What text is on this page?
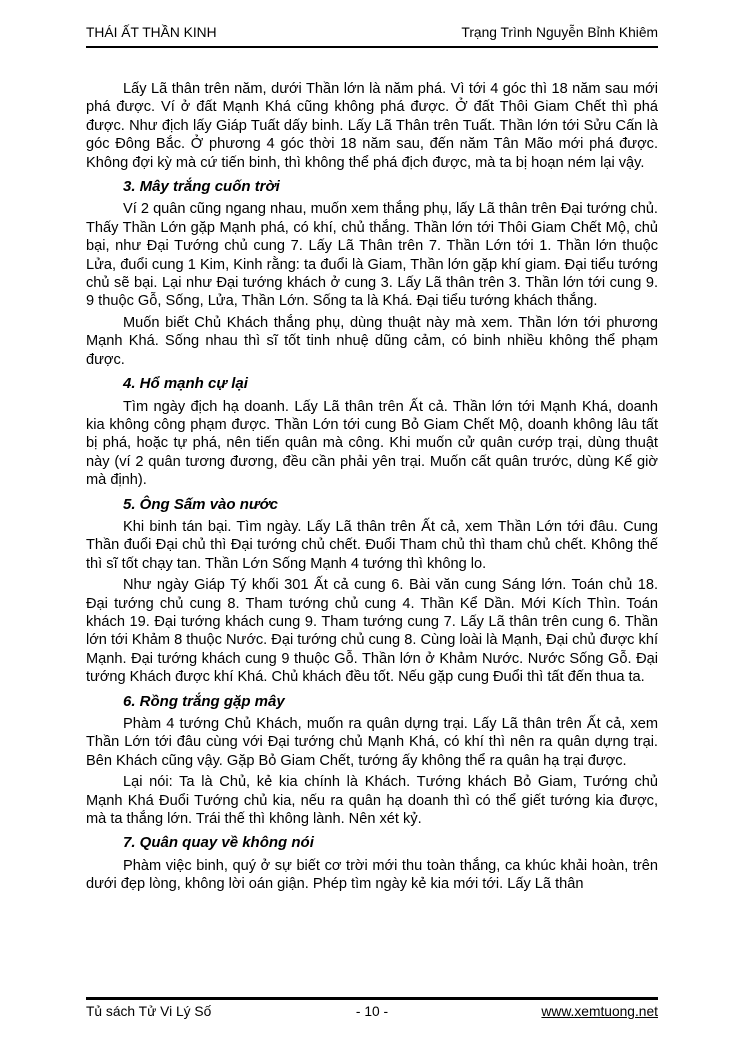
THÁI ẤT THẦN KINH	Trạng Trình Nguyễn Bỉnh Khiêm

Lấy Lã thân trên năm, dưới Thần lớn là năm phá. Vì tới 4 góc thì 18 năm sau mới phá được. Ví ở đất Mạnh Khá cũng không phá được. Ở đất Thôi Giam Chết thì phá được. Như địch lấy Giáp Tuất dấy binh. Lấy Lã Thân trên Tuất. Thần lớn tới Sửu Cấn là góc Đông Bắc. Ở phương 4 góc thời 18 năm sau, đến năm Tân Mão mới phá được. Không đợi kỳ mà cứ tiến binh, thì không thể phá địch được, mà ta bị hoạn ném lại vậy.

3. Mây trắng cuốn trời

Ví 2 quân cũng ngang nhau, muốn xem thắng phụ, lấy Lã thân trên Đại tướng chủ. Thấy Thần Lớn gặp Mạnh phá, có khí, chủ thắng. Thần lớn tới Thôi Giam Chết Mộ, chủ bại, như Đại Tướng chủ cung 7. Lấy Lã Thân trên 7. Thần Lớn tới 1. Thần lớn thuộc Lửa, đuổi cung 1 Kim, Kinh rằng: ta đuổi là Giam, Thần lớn gặp khí giam. Đại tiểu tướng chủ sẽ bại. Lại như Đại tướng khách ở cung 3. Lấy Lã thân trên 3. Thần lớn tới cung 9. 9 thuộc Gỗ, Sống, Lửa, Thần Lớn. Sống ta là Khá. Đại tiểu tướng khách thắng.

Muốn biết Chủ Khách thắng phụ, dùng thuật này mà xem. Thần lớn tới phương Mạnh Khá. Sống nhau thì sĩ tốt tinh nhuệ dũng cảm, có binh nhiều không thể phạm được.

4. Hổ mạnh cự lại

Tìm ngày địch hạ doanh. Lấy Lã thân trên Ất cả. Thần lớn tới Mạnh Khá, doanh kia không công phạm được. Thần Lớn tới cung Bỏ Giam Chết Mộ, doanh không lâu tất bị phá, hoặc tự phá, nên tiến quân mà công. Khi muốn cử quân cướp trại, dùng thuật này (ví 2 quân tương đương, đều cần phải yên trại. Muốn cất quân trước, dùng Kể giờ mà định).

5. Ông Sấm vào nước

Khi binh tán bại. Tìm ngày. Lấy Lã thân trên Ất cả, xem Thần Lớn tới đâu. Cung Thần đuổi Đại chủ thì Đại tướng chủ chết. Đuổi Tham chủ thì tham chủ chết. Không thế thì sĩ tốt chạy tan. Thần Lớn Sống Mạnh 4 tướng thì không lo.

Như ngày Giáp Tý khối 301 Ất cả cung 6. Bài văn cung Sáng lớn. Toán chủ 18. Đại tướng chủ cung 8. Tham tướng chủ cung 4. Thần Kể Dần. Mới Kích Thìn. Toán khách 19. Đại tướng khách cung 9. Tham tướng cung 7. Lấy Lã thân trên cung 6. Thần lớn tới Khảm 8 thuộc Nước. Đại tướng chủ cung 8. Cùng loài là Mạnh, Đại chủ được khí Mạnh. Đại tướng khách cung 9 thuộc Gỗ. Thần lớn ở Khảm Nước. Nước Sống Gỗ. Đại tướng Khách được khí Khá. Chủ khách đều tốt. Nếu gặp cung Đuổi thì tất đến thua ta.

6. Rồng trắng gặp mây

Phàm 4 tướng Chủ Khách, muốn ra quân dựng trại. Lấy Lã thân trên Ất cả, xem Thần Lớn tới đâu cùng với Đại tướng chủ Mạnh Khá, có khí thì nên ra quân dựng trại. Bên Khách cũng vậy. Gặp Bỏ Giam Chết, tướng ấy không thể ra quân hạ trại được.

Lại nói: Ta là Chủ, kẻ kia chính là Khách. Tướng khách Bỏ Giam, Tướng chủ Mạnh Khá Đuổi Tướng chủ kia, nếu ra quân hạ doanh thì có thể giết tướng kia được, mà ta thắng lớn. Trái thế thì không lành. Nên xét kỷ.

7. Quân quay về không nói

Phàm việc binh, quý ở sự biết cơ trời mới thu toàn thắng, ca khúc khải hoàn, trên dưới đẹp lòng, không lời oán giận. Phép tìm ngày kẻ kia mới tới. Lấy Lã thân

Tủ sách Tử Vi Lý Số	- 10 -	www.xemtuong.net
